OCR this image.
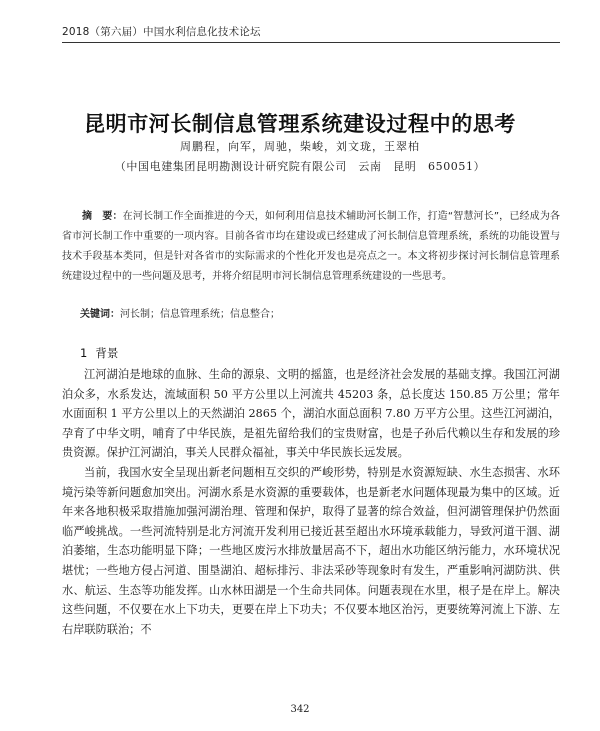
2018（第六届）中国水利信息化技术论坛
昆明市河长制信息管理系统建设过程中的思考
周鹏程，向军，周驰，柴峻，刘文珑，王翠柏
（中国电建集团昆明勘测设计研究院有限公司　云南　昆明　650051）
摘　要：在河长制工作全面推进的今天，如何利用信息技术辅助河长制工作，打造“智慧河长”，已经成为各省市河长制工作中重要的一项内容。目前各省市均在建设或已经建成了河长制信息管理系统，系统的功能设置与技术手段基本类同，但是针对各省市的实际需求的个性化开发也是亮点之一。本文将初步探讨河长制信息管理系统建设过程中的一些问题及思考，并将介绍昆明市河长制信息管理系统建设的一些思考。
关键词：河长制；信息管理系统；信息整合；
1 背景

江河湖泊是地球的血脉、生命的源泉、文明的摇篮，也是经济社会发展的基础支撑。我国江河湖泊众多，水系发达，流域面积 50 平方公里以上河流共 45203 条，总长度达 150.85 万公里；常年水面面积 1 平方公里以上的天然湖泊 2865 个，湖泊水面总面积 7.80 万平方公里。这些江河湖泊，孕育了中华文明，哺育了中华民族，是祖先留给我们的宝贵财富，也是子孙后代赖以生存和发展的珍贵资源。保护江河湖泊，事关人民群众福祉，事关中华民族长远发展。

当前，我国水安全呈现出新老问题相互交织的严峻形势，特别是水资源短缺、水生态损害、水环境污染等新问题愈加突出。河湖水系是水资源的重要载体，也是新老水问题体现最为集中的区域。近年来各地积极采取措施加强河湖治理、管理和保护，取得了显著的综合效益，但河湖管理保护仍然面临严峻挑战。一些河流特别是北方河流开发利用已接近甚至超出水环境承载能力，导致河道干涸、湖泊萎缩，生态功能明显下降；一些地区废污水排放量居高不下，超出水功能区纳污能力，水环境状况堪忧；一些地方侵占河道、围垦湖泊、超标排污、非法采砂等现象时有发生，严重影响河湖防洪、供水、航运、生态等功能发挥。山水林田湖是一个生命共同体。问题表现在水里，根子是在岸上。解决这些问题，不仅要在水上下功夫，更要在岸上下功夫；不仅要本地区治污，更要统筹河流上下游、左右岸联防联治；不

342
